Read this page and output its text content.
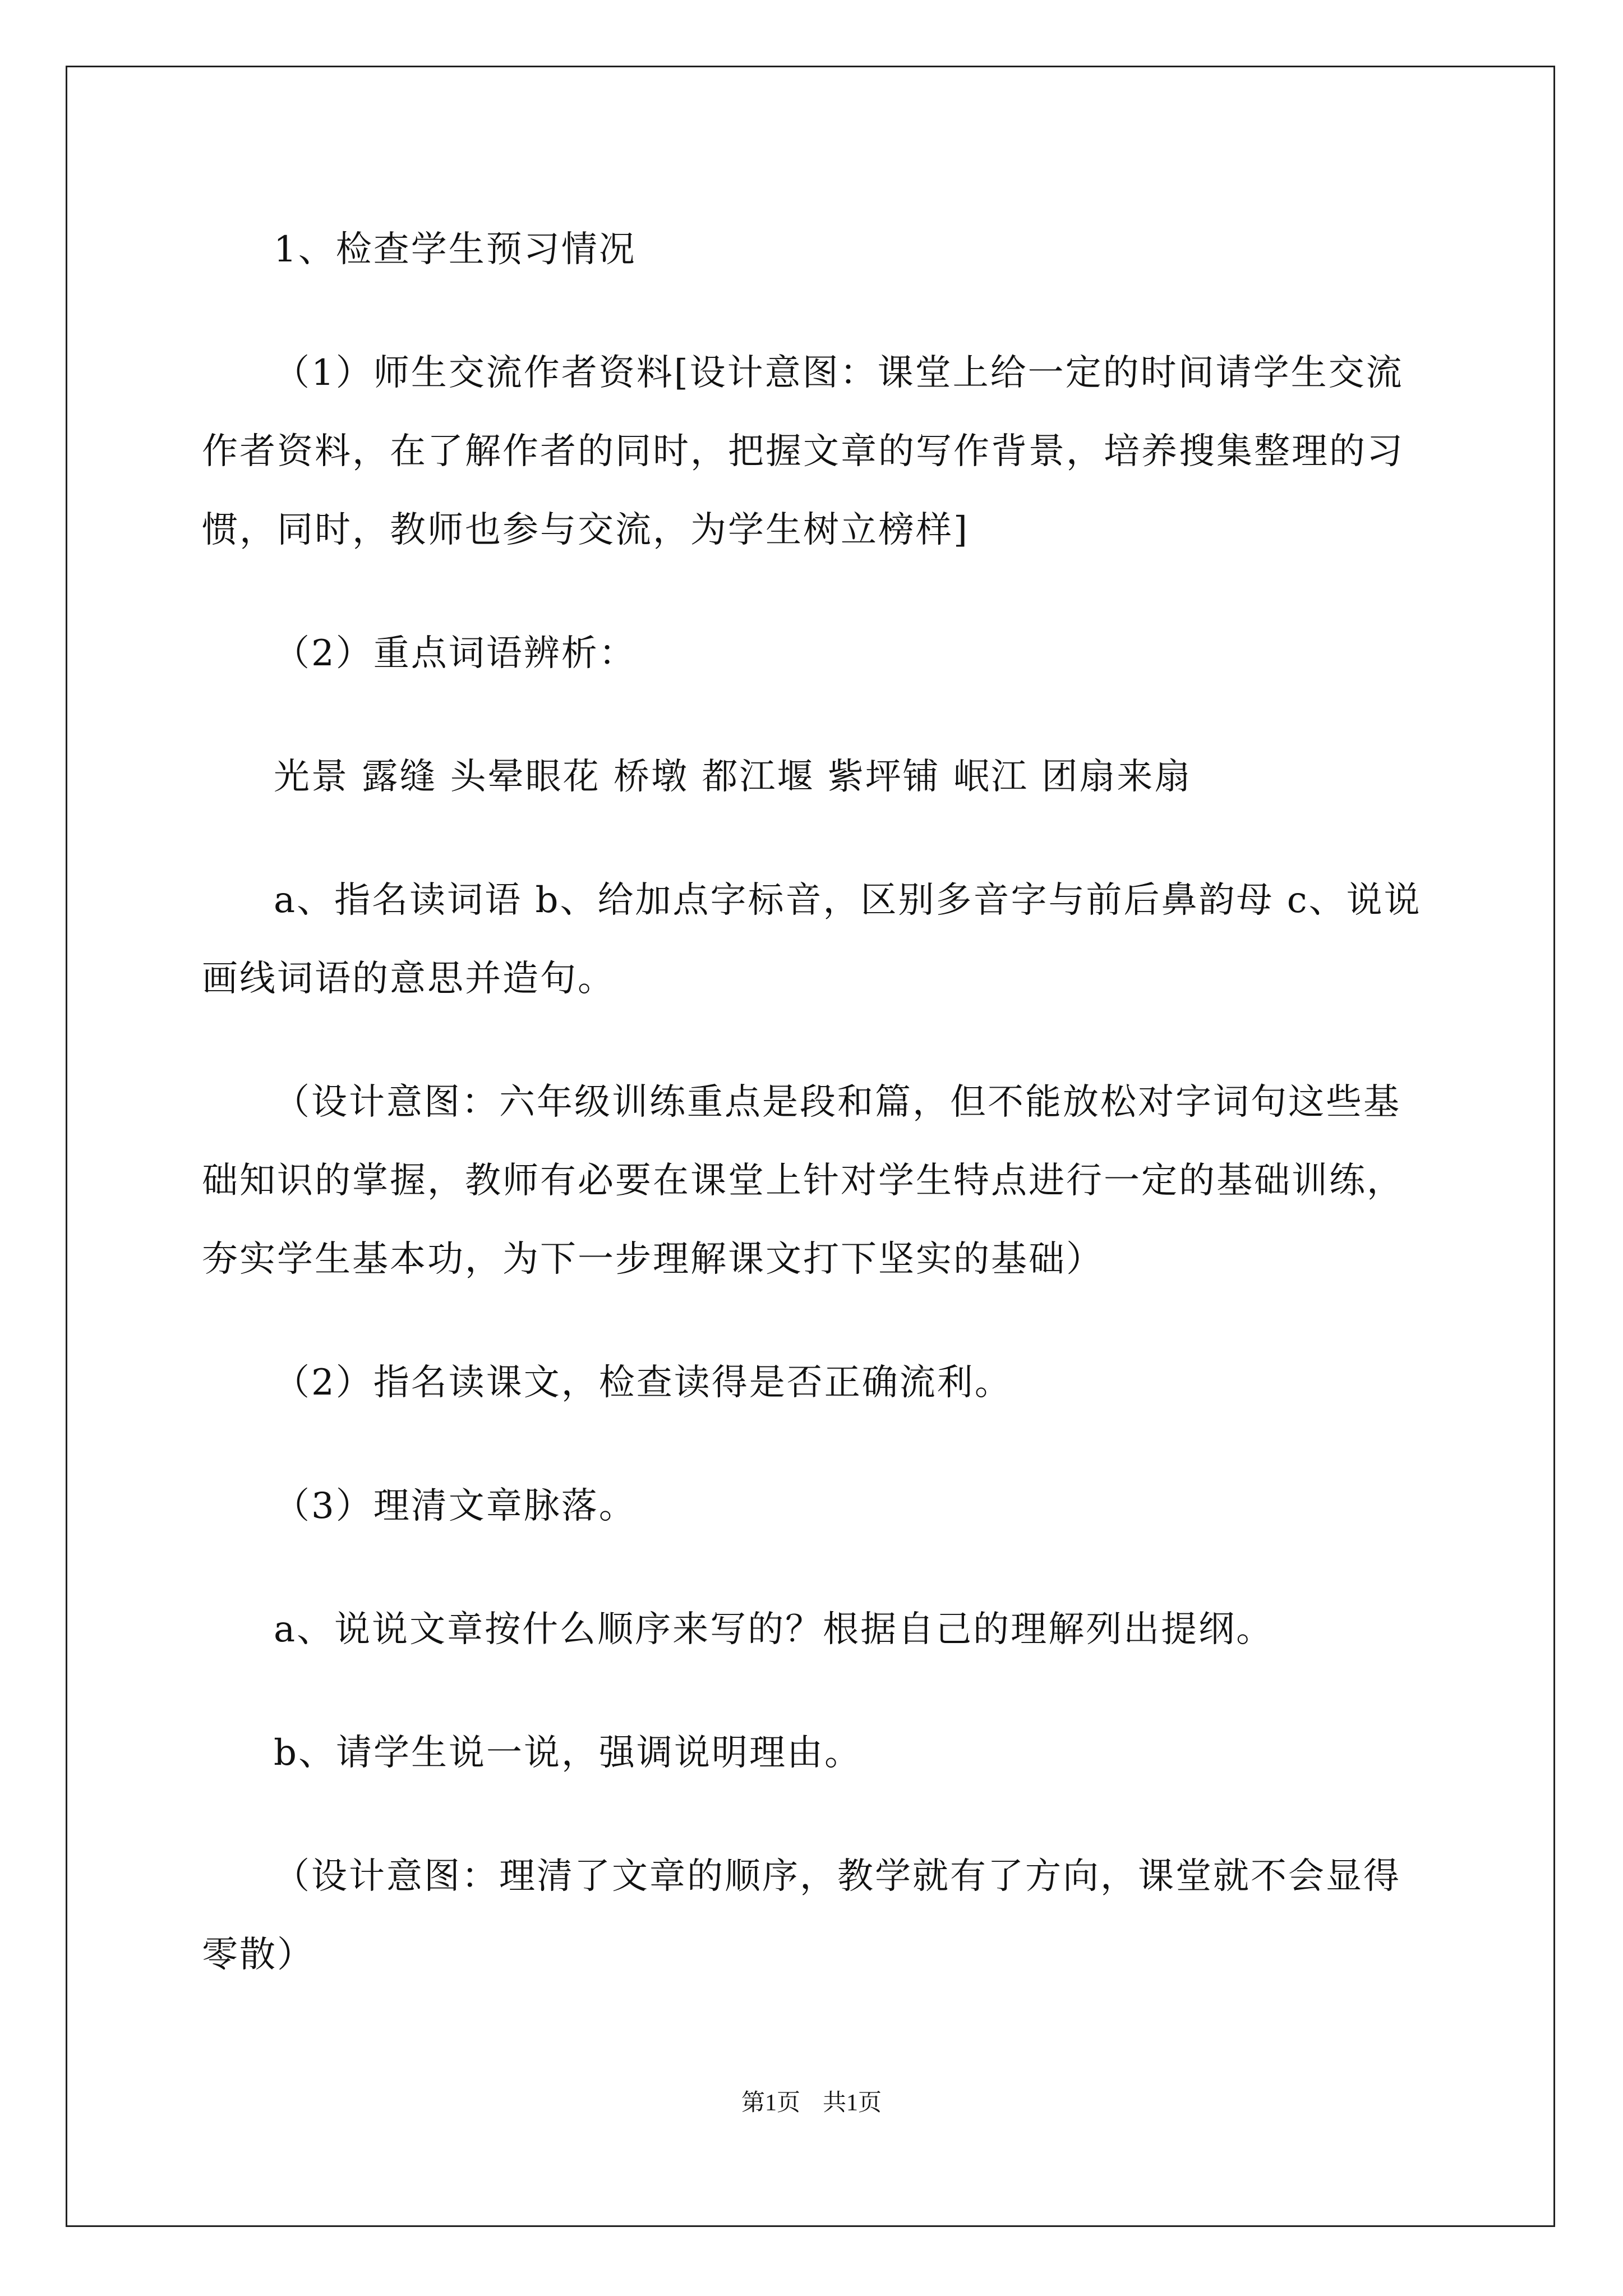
1、检查学生预习情况

（1）师生交流作者资料[设计意图：课堂上给一定的时间请学生交流作者资料，在了解作者的同时，把握文章的写作背景，培养搜集整理的习惯，同时，教师也参与交流，为学生树立榜样]

（2）重点词语辨析：

光景 露缝 头晕眼花 桥墩 都江堰 紫坪铺 岷江 团扇来扇

a、指名读词语 b、给加点字标音，区别多音字与前后鼻韵母 c、说说画线词语的意思并造句。

（设计意图：六年级训练重点是段和篇，但不能放松对字词句这些基础知识的掌握，教师有必要在课堂上针对学生特点进行一定的基础训练，夯实学生基本功，为下一步理解课文打下坚实的基础）

（2）指名读课文，检查读得是否正确流利。

（3）理清文章脉落。

a、说说文章按什么顺序来写的？根据自己的理解列出提纲。

b、请学生说一说，强调说明理由。

（设计意图：理清了文章的顺序，教学就有了方向，课堂就不会显得零散）

第1页 共1页
